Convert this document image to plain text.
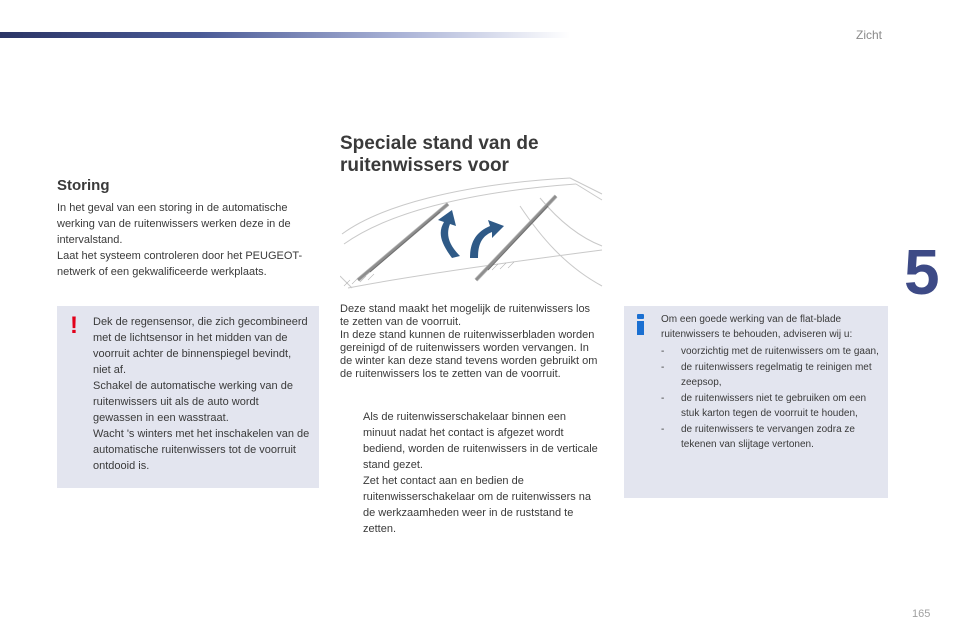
Zicht
5
165
Storing

In het geval van een storing in de automatische werking van de ruitenwissers werken deze in de intervalstand.

Laat het systeem controleren door het PEUGEOT-netwerk of een gekwalificeerde werkplaats.

! Dek de regensensor, die zich gecombineerd met de lichtsensor in het midden van de voorruit achter de binnenspiegel bevindt, niet af.

Schakel de automatische werking van de ruitenwissers uit als de auto wordt gewassen in een wasstraat.

Wacht 's winters met het inschakelen van de automatische ruitenwissers tot de voorruit ontdooid is.

Speciale stand van de ruitenwissers voor

Deze stand maakt het mogelijk de ruitenwissers los te zetten van de voorruit.

In deze stand kunnen de ruitenwisserbladen worden gereinigd of de ruitenwissers worden vervangen. In de winter kan deze stand tevens worden gebruikt om de ruitenwissers los te zetten van de voorruit.

Als de ruitenwisserschakelaar binnen een minuut nadat het contact is afgezet wordt bediend, worden de ruitenwissers in de verticale stand gezet.

Zet het contact aan en bedien de ruitenwisserschakelaar om de ruitenwissers na de werkzaamheden weer in de ruststand te zetten.

Om een goede werking van de flat-blade ruitenwissers te behouden, adviseren wij u:

- voorzichtig met de ruitenwissers om te gaan,
- de ruitenwissers regelmatig te reinigen met zeepsop,
- de ruitenwissers niet te gebruiken om een stuk karton tegen de voorruit te houden,
- de ruitenwissers te vervangen zodra ze tekenen van slijtage vertonen.
